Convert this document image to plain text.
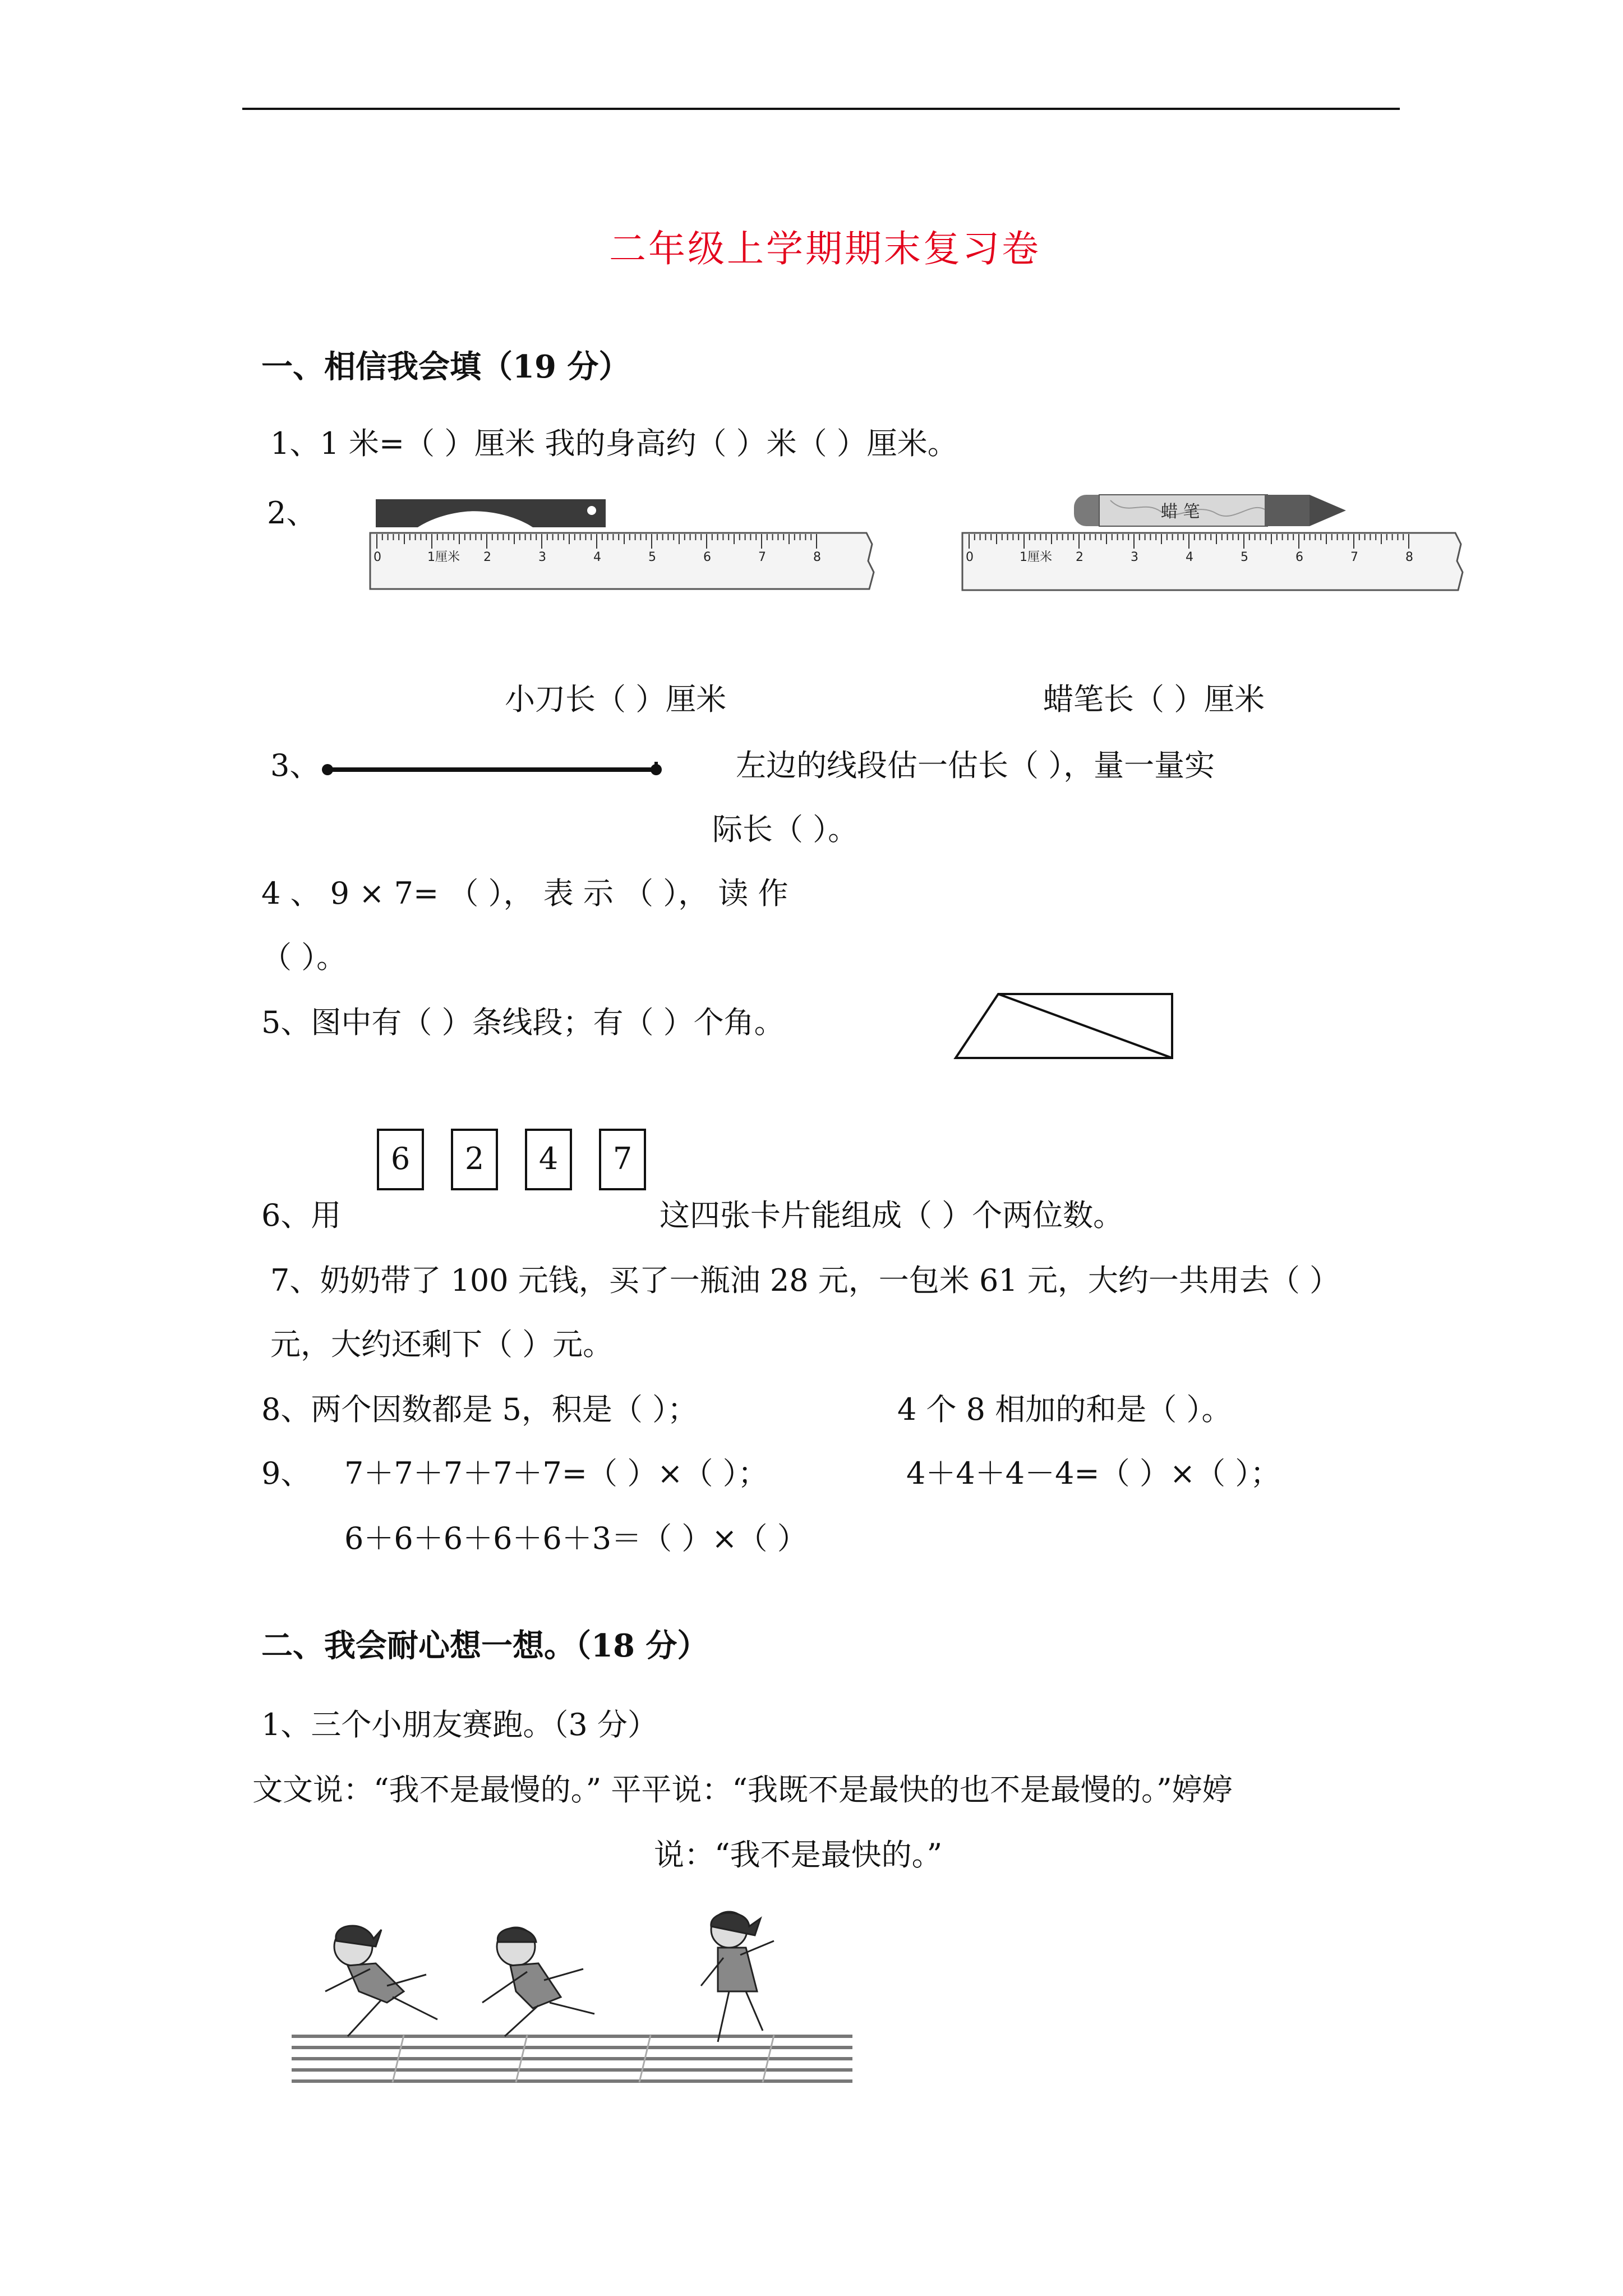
二年级上学期期末复习卷
一、相信我会填（19 分）
1、1 米=（ ）厘米 我的身高约（ ）米（ ）厘米。
2、
0	1厘米 2	3	4	5	6	7	8
蜡 笔
0	1厘米 2	3	4	5	6	7	8
小刀长（ ）厘米	蜡笔长（ ）厘米
3、	左边的线段估一估长（ ），量一量实
际长（ ）。
4 、 9 × 7= （ ）， 表 示 （ ）， 读 作
（ ）。
5、图中有（ ）条线段；有（ ）个角。
6	2	4	7
6、用	这四张卡片能组成（ ）个两位数。
7、奶奶带了 100 元钱，买了一瓶油 28 元，一包米 61 元，大约一共用去（ ）
元，大约还剩下（ ）元。
8、两个因数都是 5，积是（ ）；	4 个 8 相加的和是（ ）。
9、 7＋7＋7＋7＋7=（ ）×（ ）；	4＋4＋4－4=（ ）×（ ）；
6＋6＋6＋6＋6＋3＝（ ）×（ ）
二、我会耐心想一想。（18 分）
1、三个小朋友赛跑。（3 分）
文文说：“我不是最慢的。” 平平说：“我既不是最快的也不是最慢的。”婷婷
说：“我不是最快的。”
